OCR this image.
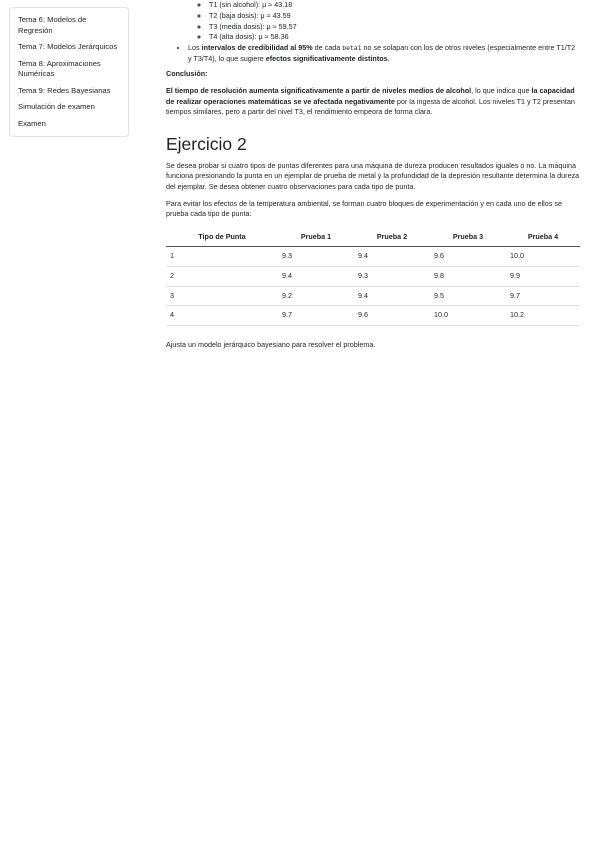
Tema 6: Modelos de Regresión
Tema 7: Modelos Jerárquicos
Tema 8: Aproximaciones Numéricas
Tema 9: Redes Bayesianas
Simulación de examen
Examen
◦ T1 (sin alcohol): μ ≈ 43.18
◦ T2 (baja dosis): μ ≈ 43.59
◦ T3 (media dosis): μ ≈ 59.57
◦ T4 (alta dosis): μ ≈ 58.36
• Los intervalos de credibilidad al 95% de cada beta1 no se solapan con los de otros niveles (especialmente entre T1/T2 y T3/T4), lo que sugiere efectos significativamente distintos.

Conclusión:

El tiempo de resolución aumenta significativamente a partir de niveles medios de alcohol, lo que indica que la capacidad de realizar operaciones matemáticas se ve afectada negativamente por la ingesta de alcohol. Los niveles T1 y T2 presentan tiempos similares, pero a partir del nivel T3, el rendimiento empeora de forma clara.

Ejercicio 2

Se desea probar si cuatro tipos de puntas diferentes para una máquina de dureza producen resultados iguales o no. La máquina funciona presionando la punta en un ejemplar de prueba de metal y la profundidad de la depresión resultante determina la dureza del ejemplar. Se desea obtener cuatro observaciones para cada tipo de punta.

Para evitar los efectos de la temperatura ambiental, se forman cuatro bloques de experimentación y en cada uno de ellos se prueba cada tipo de punta:

Tipo de Punta	Prueba 1	Prueba 2	Prueba 3	Prueba 4
1	9.3	9.4	9.6	10.0
2	9.4	9.3	9.8	9.9
3	9.2	9.4	9.5	9.7
4	9.7	9.6	10.0	10.2

Ajusta un modelo jerárquico bayesiano para resolver el problema.
